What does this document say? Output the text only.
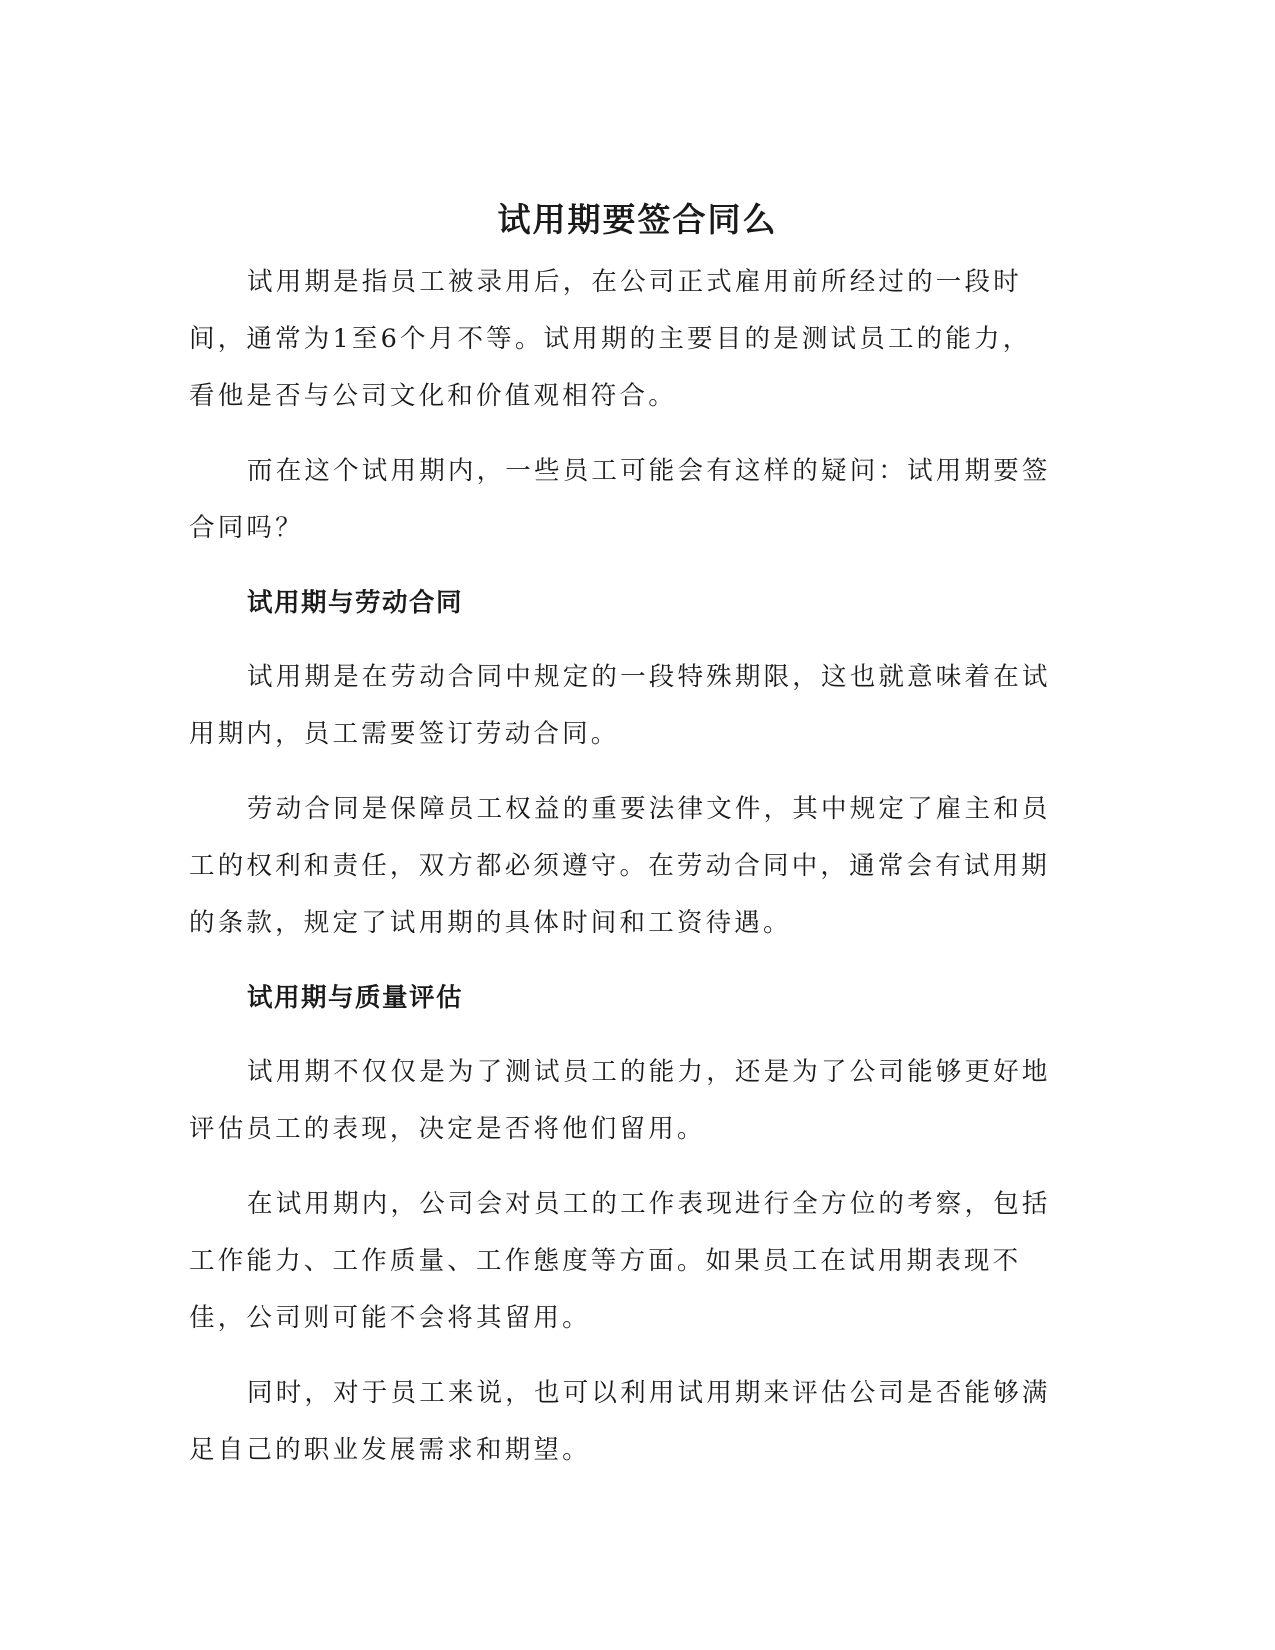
试用期要签合同么

试用期是指员工被录用后，在公司正式雇用前所经过的一段时间，通常为1至6个月不等。试用期的主要目的是测试员工的能力，看他是否与公司文化和价值观相符合。

而在这个试用期内，一些员工可能会有这样的疑问：试用期要签合同吗？

试用期与劳动合同

试用期是在劳动合同中规定的一段特殊期限，这也就意味着在试用期内，员工需要签订劳动合同。

劳动合同是保障员工权益的重要法律文件，其中规定了雇主和员工的权利和责任，双方都必须遵守。在劳动合同中，通常会有试用期的条款，规定了试用期的具体时间和工资待遇。

试用期与质量评估

试用期不仅仅是为了测试员工的能力，还是为了公司能够更好地评估员工的表现，决定是否将他们留用。

在试用期内，公司会对员工的工作表现进行全方位的考察，包括工作能力、工作质量、工作態度等方面。如果员工在试用期表现不佳，公司则可能不会将其留用。

同时，对于员工来说，也可以利用试用期来评估公司是否能够满足自己的职业发展需求和期望。
